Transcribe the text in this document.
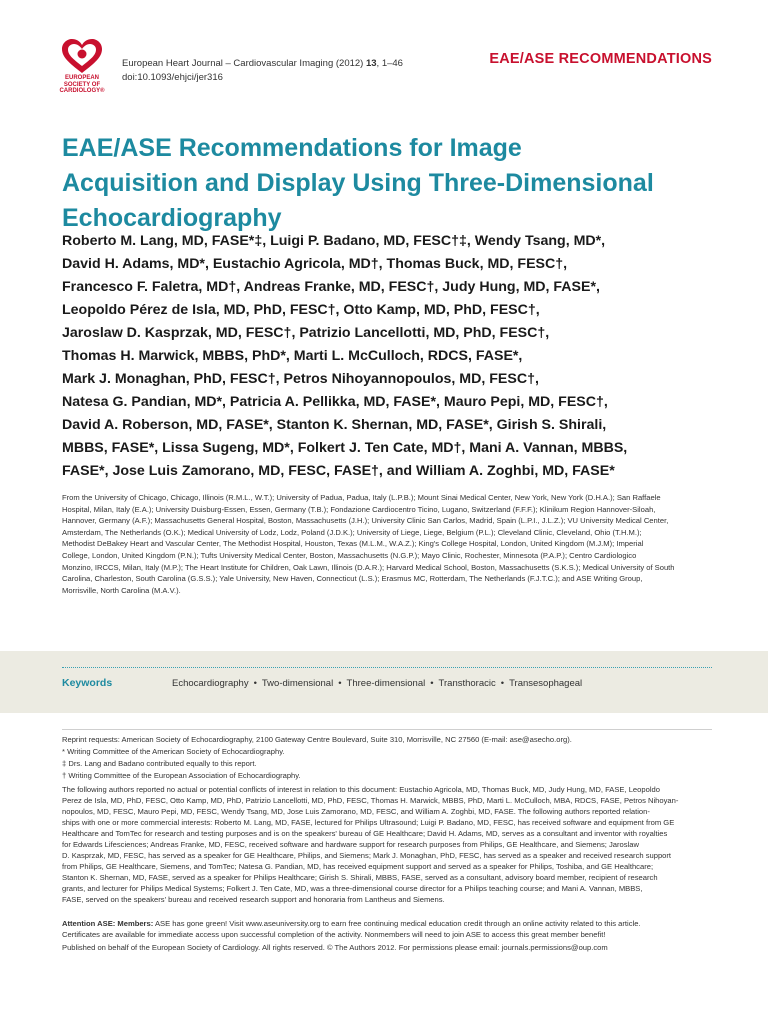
EUROPEAN
SOCIETY OF
CARDIOLOGY®
European Heart Journal – Cardiovascular Imaging (2012) 13, 1–46
doi:10.1093/ehjci/jer316
EAE/ASE RECOMMENDATIONS
EAE/ASE Recommendations for Image
Acquisition and Display Using Three-Dimensional
Echocardiography
Roberto M. Lang, MD, FASE*‡, Luigi P. Badano, MD, FESC†‡, Wendy Tsang, MD*,
David H. Adams, MD*, Eustachio Agricola, MD†, Thomas Buck, MD, FESC†,
Francesco F. Faletra, MD†, Andreas Franke, MD, FESC†, Judy Hung, MD, FASE*,
Leopoldo Pérez de Isla, MD, PhD, FESC†, Otto Kamp, MD, PhD, FESC†,
Jaroslaw D. Kasprzak, MD, FESC†, Patrizio Lancellotti, MD, PhD, FESC†,
Thomas H. Marwick, MBBS, PhD*, Marti L. McCulloch, RDCS, FASE*,
Mark J. Monaghan, PhD, FESC†, Petros Nihoyannopoulos, MD, FESC†,
Natesa G. Pandian, MD*, Patricia A. Pellikka, MD, FASE*, Mauro Pepi, MD, FESC†,
David A. Roberson, MD, FASE*, Stanton K. Shernan, MD, FASE*, Girish S. Shirali,
MBBS, FASE*, Lissa Sugeng, MD*, Folkert J. Ten Cate, MD†, Mani A. Vannan, MBBS,
FASE*, Jose Luis Zamorano, MD, FESC, FASE†, and William A. Zoghbi, MD, FASE*
From the University of Chicago, Chicago, Illinois (R.M.L., W.T.); University of Padua, Padua, Italy (L.P.B.); Mount Sinai Medical Center, New York, New York (D.H.A.); San Raffaele
Hospital, Milan, Italy (E.A.); University Duisburg-Essen, Essen, Germany (T.B.); Fondazione Cardiocentro Ticino, Lugano, Switzerland (F.F.F.); Klinikum Region Hannover-Siloah,
Hannover, Germany (A.F.); Massachusetts General Hospital, Boston, Massachusetts (J.H.); University Clinic San Carlos, Madrid, Spain (L.P.I., J.L.Z.); VU University Medical Center,
Amsterdam, The Netherlands (O.K.); Medical University of Lodz, Lodz, Poland (J.D.K.); University of Liege, Liege, Belgium (P.L.); Cleveland Clinic, Cleveland, Ohio (T.H.M.);
Methodist DeBakey Heart and Vascular Center, The Methodist Hospital, Houston, Texas (M.L.M., W.A.Z.); King's College Hospital, London, United Kingdom (M.J.M); Imperial
College, London, United Kingdom (P.N.); Tufts University Medical Center, Boston, Massachusetts (N.G.P.); Mayo Clinic, Rochester, Minnesota (P.A.P.); Centro Cardiologico
Monzino, IRCCS, Milan, Italy (M.P.); The Heart Institute for Children, Oak Lawn, Illinois (D.A.R.); Harvard Medical School, Boston, Massachusetts (S.K.S.); Medical University of South
Carolina, Charleston, South Carolina (G.S.S.); Yale University, New Haven, Connecticut (L.S.); Erasmus MC, Rotterdam, The Netherlands (F.J.T.C.); and ASE Writing Group,
Morrisville, North Carolina (M.A.V.).
Keywords	Echocardiography • Two-dimensional • Three-dimensional • Transthoracic • Transesophageal
Reprint requests: American Society of Echocardiography, 2100 Gateway Centre Boulevard, Suite 310, Morrisville, NC 27560 (E-mail: ase@asecho.org).
* Writing Committee of the American Society of Echocardiography.
‡ Drs. Lang and Badano contributed equally to this report.
† Writing Committee of the European Association of Echocardiography.
The following authors reported no actual or potential conflicts of interest in relation to this document: Eustachio Agricola, MD, Thomas Buck, MD, Judy Hung, MD, FASE, Leopoldo
Perez de Isla, MD, PhD, FESC, Otto Kamp, MD, PhD, Patrizio Lancellotti, MD, PhD, FESC, Thomas H. Marwick, MBBS, PhD, Marti L. McCulloch, MBA, RDCS, FASE, Petros Nihoyan-
nopoulos, MD, FESC, Mauro Pepi, MD, FESC, Wendy Tsang, MD, Jose Luis Zamorano, MD, FESC, and William A. Zoghbi, MD, FASE. The following authors reported relation-
ships with one or more commercial interests: Roberto M. Lang, MD, FASE, lectured for Philips Ultrasound; Luigi P. Badano, MD, FESC, has received software and equipment from GE
Healthcare and TomTec for research and testing purposes and is on the speakers' bureau of GE Healthcare; David H. Adams, MD, serves as a consultant and inventor with royalties
for Edwards Lifesciences; Andreas Franke, MD, FESC, received software and hardware support for research purposes from Philips, GE Healthcare, and Siemens; Jaroslaw
D. Kasprzak, MD, FESC, has served as a speaker for GE Healthcare, Philips, and Siemens; Mark J. Monaghan, PhD, FESC, has served as a speaker and received research support
from Philips, GE Healthcare, Siemens, and TomTec; Natesa G. Pandian, MD, has received equipment support and served as a speaker for Philips, Toshiba, and GE Healthcare;
Stanton K. Shernan, MD, FASE, served as a speaker for Philips Healthcare; Girish S. Shirali, MBBS, FASE, served as a consultant, advisory board member, recipient of research
grants, and lecturer for Philips Medical Systems; Folkert J. Ten Cate, MD, was a three-dimensional course director for a Philips teaching course; and Mani A. Vannan, MBBS,
FASE, served on the speakers' bureau and received research support and honoraria from Lantheus and Siemens.
Attention ASE: Members: ASE has gone green! Visit www.aseuniversity.org to earn free continuing medical education credit through an online activity related to this article.
Certificates are available for immediate access upon successful completion of the activity. Nonmembers will need to join ASE to access this great member benefit!
Published on behalf of the European Society of Cardiology. All rights reserved. © The Authors 2012. For permissions please email: journals.permissions@oup.com
